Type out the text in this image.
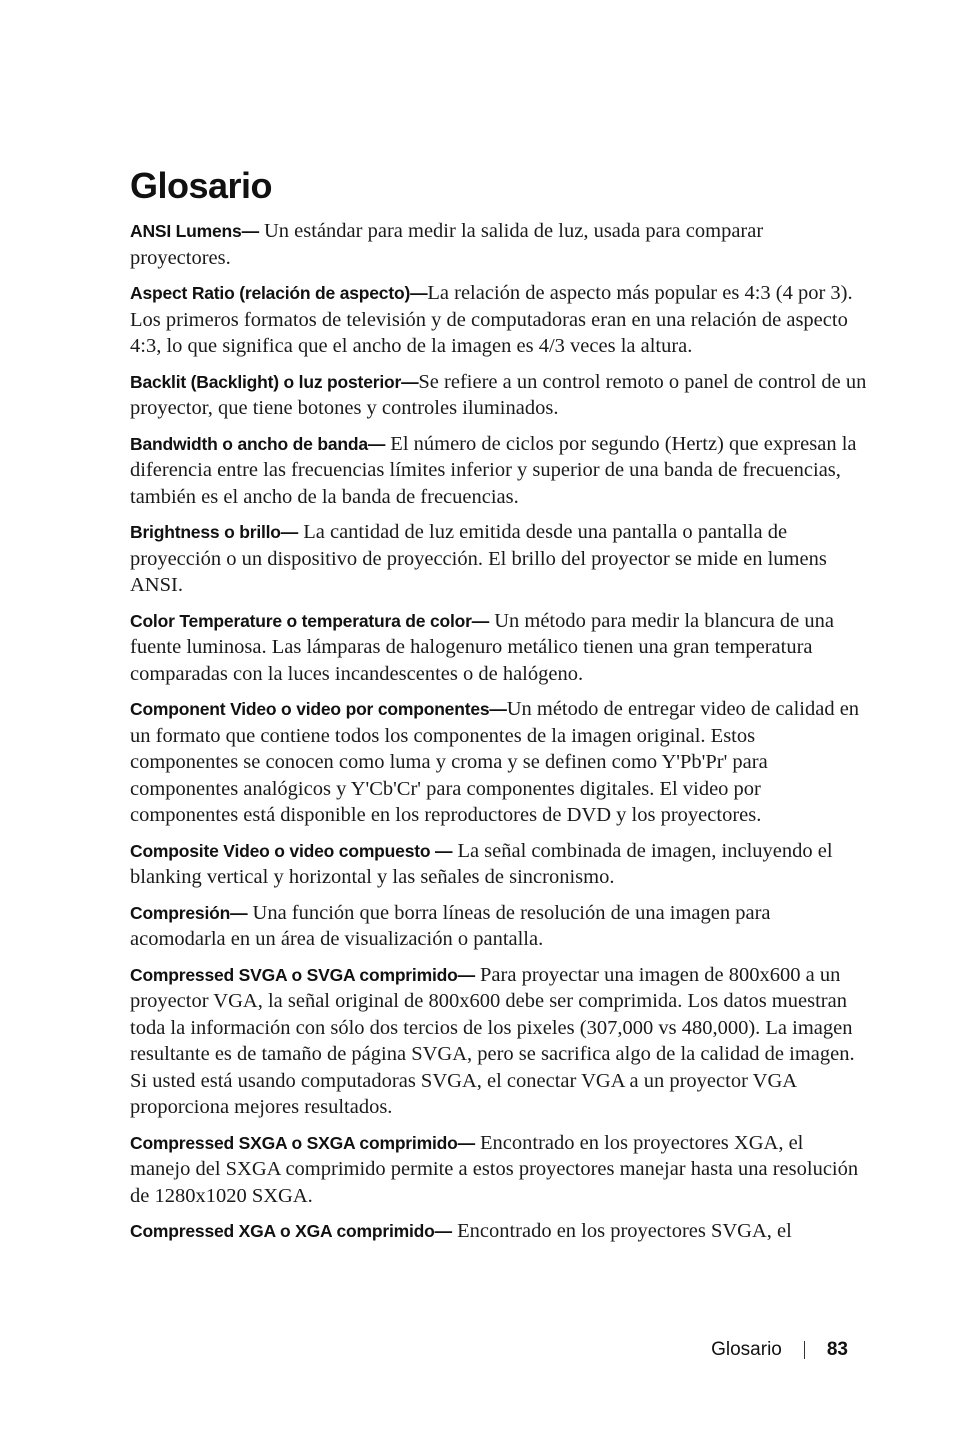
Glosario

ANSI Lumens— Un estándar para medir la salida de luz, usada para comparar proyectores.

Aspect Ratio (relación de aspecto)—La relación de aspecto más popular es 4:3 (4 por 3). Los primeros formatos de televisión y de computadoras eran en una relación de aspecto 4:3, lo que significa que el ancho de la imagen es 4/3 veces la altura.

Backlit (Backlight) o luz posterior—Se refiere a un control remoto o panel de control de un proyector, que tiene botones y controles iluminados.

Bandwidth o ancho de banda— El número de ciclos por segundo (Hertz) que expresan la diferencia entre las frecuencias límites inferior y superior de una banda de frecuencias, también es el ancho de la banda de frecuencias.

Brightness o brillo— La cantidad de luz emitida desde una pantalla o pantalla de proyección o un dispositivo de proyección. El brillo del proyector se mide en lumens ANSI.

Color Temperature o temperatura de color— Un método para medir la blancura de una fuente luminosa. Las lámparas de halogenuro metálico tienen una gran temperatura comparadas con la luces incandescentes o de halógeno.

Component Video o video por componentes—Un método de entregar video de calidad en un formato que contiene todos los componentes de la imagen original. Estos componentes se conocen como luma y croma y se definen como Y'Pb'Pr' para componentes analógicos y Y'Cb'Cr' para componentes digitales. El video por componentes está disponible en los reproductores de DVD y los proyectores.

Composite Video o video compuesto — La señal combinada de imagen, incluyendo el blanking vertical y horizontal y las señales de sincronismo.

Compresión— Una función que borra líneas de resolución de una imagen para acomodarla en un área de visualización o pantalla.

Compressed SVGA o SVGA comprimido— Para proyectar una imagen de 800x600 a un proyector VGA, la señal original de 800x600 debe ser comprimida. Los datos muestran toda la información con sólo dos tercios de los pixeles (307,000 vs 480,000). La imagen resultante es de tamaño de página SVGA, pero se sacrifica algo de la calidad de imagen. Si usted está usando computadoras SVGA, el conectar VGA a un proyector VGA proporciona mejores resultados.

Compressed SXGA o SXGA comprimido— Encontrado en los proyectores XGA, el manejo del SXGA comprimido permite a estos proyectores manejar hasta una resolución de 1280x1020 SXGA.

Compressed XGA o XGA comprimido— Encontrado en los proyectores SVGA, el

Glosario 83
